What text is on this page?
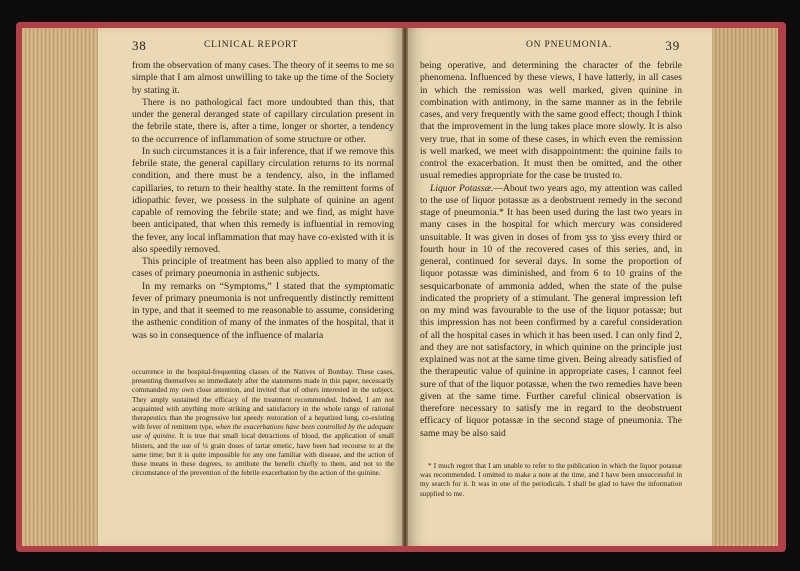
38	CLINICAL REPORT	ON PNEUMONIA.	39

from the observation of many cases. The theory of it seems to me so simple that I am almost unwilling to take up the time of the Society by stating it.

There is no pathological fact more undoubted than this, that under the general deranged state of capillary circulation present in the febrile state, there is, after a time, longer or shorter, a tendency to the occurrence of inflammation of some structure or other.

In such circumstances it is a fair inference, that if we remove this febrile state, the general capillary circulation returns to its normal condition, and there must be a tendency, also, in the inflamed capillaries, to return to their healthy state. In the remittent forms of idiopathic fever, we possess in the sulphate of quinine an agent capable of removing the febrile state; and we find, as might have been anticipated, that when this remedy is influential in removing the fever, any local inflammation that may have co-existed with it is also speedily removed.

This principle of treatment has been also applied to many of the cases of primary pneumonia in asthenic subjects.

In my remarks on “Symptoms,” I stated that the symptomatic fever of primary pneumonia is not unfrequently distinctly remittent in type, and that it seemed to me reasonable to assume, considering the asthenic condition of many of the inmates of the hospital, that it was so in consequence of the influence of malaria

occurrence in the hospital-frequenting classes of the Natives of Bombay. These cases, presenting themselves so immediately after the statements made in this paper, necessarily commanded my own close attention, and invited that of others interested in the subject. They amply sustained the efficacy of the treatment recommended. Indeed, I am not acquainted with anything more striking and satisfactory in the whole range of rational therapeutics than the progressive but speedy restoration of a hepatized lung, co-existing with fever of remittent type, when the exacerbations have been controlled by the adequate use of quinine. It is true that small local detractions of blood, the application of small blisters, and the use of ¼ grain doses of tartar emetic, have been had recourse to at the same time; but it is quite impossible for any one familiar with disease, and the action of these means in these degrees, to attribute the benefit chiefly to them, and not to the circumstance of the prevention of the febrile exacerbation by the action of the quinine.

being operative, and determining the character of the febrile phenomena. Influenced by these views, I have latterly, in all cases in which the remission was well marked, given quinine in combination with antimony, in the same manner as in the febrile cases, and very frequently with the same good effect; though I think that the improvement in the lung takes place more slowly. It is also very true, that in some of these cases, in which even the remission is well marked, we meet with disappointment: the quinine fails to control the exacerbation. It must then be omitted, and the other usual remedies appropriate for the case be trusted to.

Liquor Potassæ.—About two years ago, my attention was called to the use of liquor potassæ as a deobstruent remedy in the second stage of pneumonia.* It has been used during the last two years in many cases in the hospital for which mercury was considered unsuitable. It was given in doses of from ʒss to ʒiss every third or fourth hour in 10 of the recovered cases of this series, and, in general, continued for several days. In some the proportion of liquor potassæ was diminished, and from 6 to 10 grains of the sesquicarbonate of ammonia added, when the state of the pulse indicated the propriety of a stimulant. The general impression left on my mind was favourable to the use of the liquor potassæ; but this impression has not been confirmed by a careful consideration of all the hospital cases in which it has been used. I can only find 2, and they are not satisfactory, in which quinine on the principle just explained was not at the same time given. Being already satisfied of the therapeutic value of quinine in appropriate cases, I cannot feel sure of that of the liquor potassæ, when the two remedies have been given at the same time. Further careful clinical observation is therefore necessary to satisfy me in regard to the deobstruent efficacy of liquor potassæ in the second stage of pneumonia. The same may be also said

* I much regret that I am unable to refer to the publication in which the liquor potassæ was recommended. I omitted to make a note at the time, and I have been unsuccessful in my search for it. It was in one of the periodicals. I shall be glad to have the information supplied to me.
